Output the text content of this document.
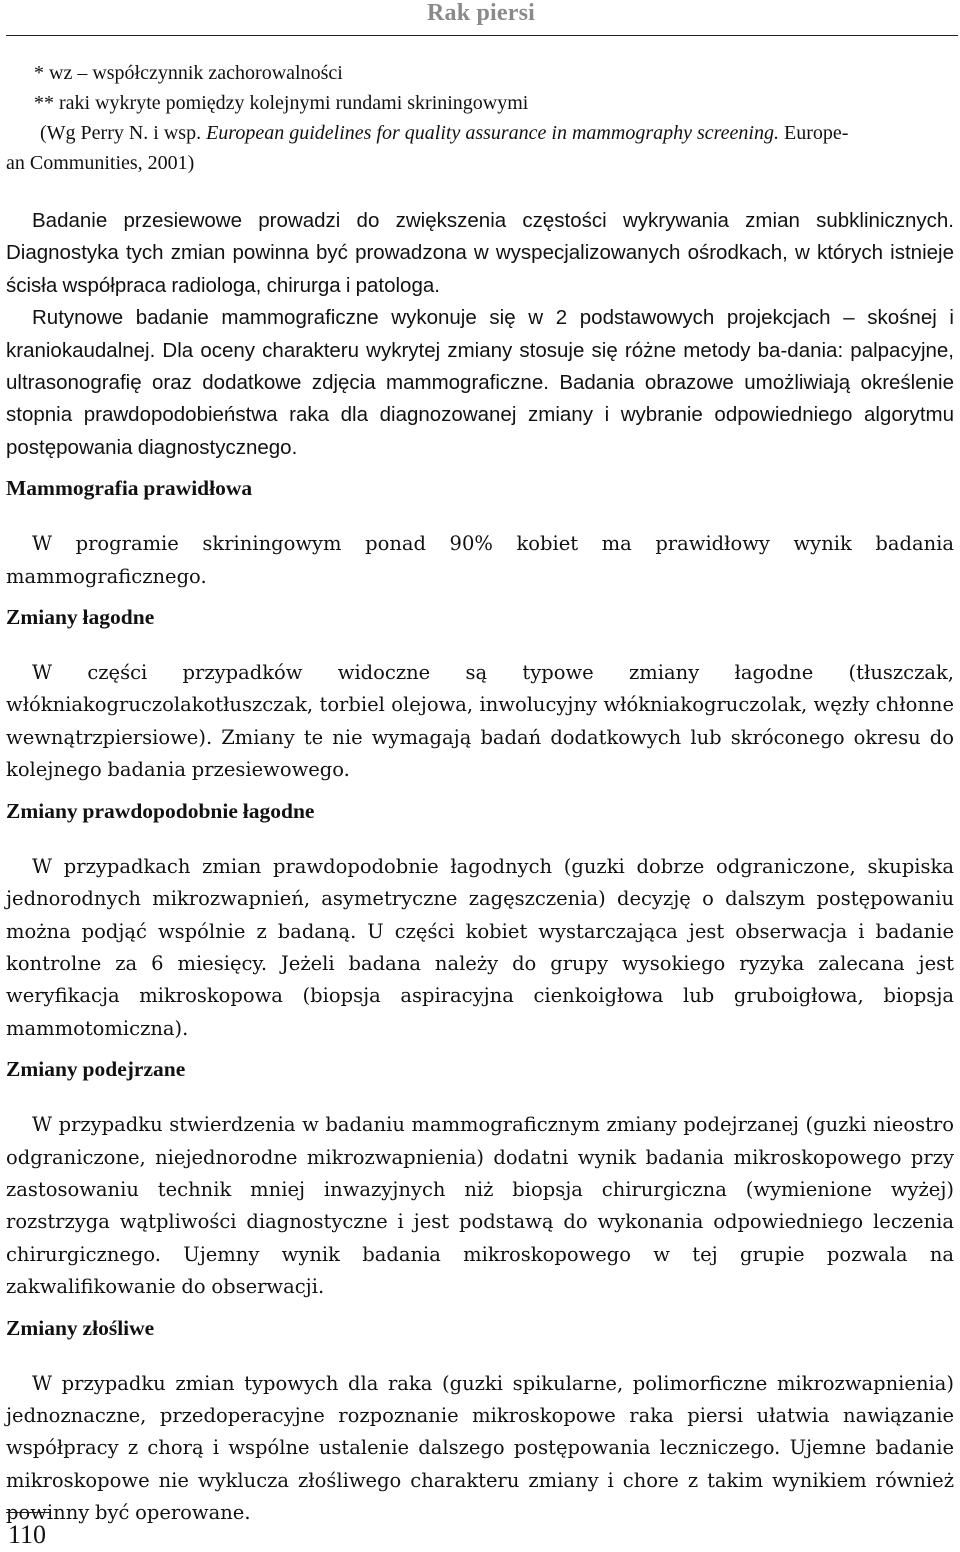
Rak piersi
* wz – współczynnik zachorowalności
** raki wykryte pomiędzy kolejnymi rundami skriningowymi
(Wg Perry N. i wsp. European guidelines for quality assurance in mammography screening. Europe-
an Communities, 2001)

Badanie przesiewowe prowadzi do zwiększenia częstości wykrywania zmian subklinicznych. Diagnostyka tych zmian powinna być prowadzona w wyspecjalizowanych ośrodkach, w których istnieje ścisła współpraca radiologa, chirurga i patologa.

Rutynowe badanie mammograficzne wykonuje się w 2 podstawowych projekcjach – skośnej i kraniokaudalnej. Dla oceny charakteru wykrytej zmiany stosuje się różne metody ba-dania: palpacyjne, ultrasonografię oraz dodatkowe zdjęcia mammograficzne. Badania obrazowe umożliwiają określenie stopnia prawdopodobieństwa raka dla diagnozowanej zmiany i wybranie odpowiedniego algorytmu postępowania diagnostycznego.

Mammografia prawidłowa

W programie skriningowym ponad 90% kobiet ma prawidłowy wynik badania mammograficznego.

Zmiany łagodne

W części przypadków widoczne są typowe zmiany łagodne (tłuszczak, włókniakogruczolakotłuszczak, torbiel olejowa, inwolucyjny włókniakogruczolak, węzły chłonne wewnątrzpiersiowe). Zmiany te nie wymagają badań dodatkowych lub skróconego okresu do kolejnego badania przesiewowego.

Zmiany prawdopodobnie łagodne

W przypadkach zmian prawdopodobnie łagodnych (guzki dobrze odgraniczone, skupiska jednorodnych mikrozwapnień, asymetryczne zagęszczenia) decyzję o dalszym postępowaniu można podjąć wspólnie z badaną. U części kobiet wystarczająca jest obserwacja i badanie kontrolne za 6 miesięcy. Jeżeli badana należy do grupy wysokiego ryzyka zalecana jest weryfikacja mikroskopowa (biopsja aspiracyjna cienkoigłowa lub gruboigłowa, biopsja mammotomiczna).

Zmiany podejrzane

W przypadku stwierdzenia w badaniu mammograficznym zmiany podejrzanej (guzki nieostro odgraniczone, niejednorodne mikrozwapnienia) dodatni wynik badania mikroskopowego przy zastosowaniu technik mniej inwazyjnych niż biopsja chirurgiczna (wymienione wyżej) rozstrzyga wątpliwości diagnostyczne i jest podstawą do wykonania odpowiedniego leczenia chirurgicznego. Ujemny wynik badania mikroskopowego w tej grupie pozwala na zakwalifikowanie do obserwacji.

Zmiany złośliwe

W przypadku zmian typowych dla raka (guzki spikularne, polimorficzne mikrozwapnienia) jednoznaczne, przedoperacyjne rozpoznanie mikroskopowe raka piersi ułatwia nawiązanie współpracy z chorą i wspólne ustalenie dalszego postępowania leczniczego. Ujemne badanie mikroskopowe nie wyklucza złośliwego charakteru zmiany i chore z takim wynikiem również powinny być operowane.

110
